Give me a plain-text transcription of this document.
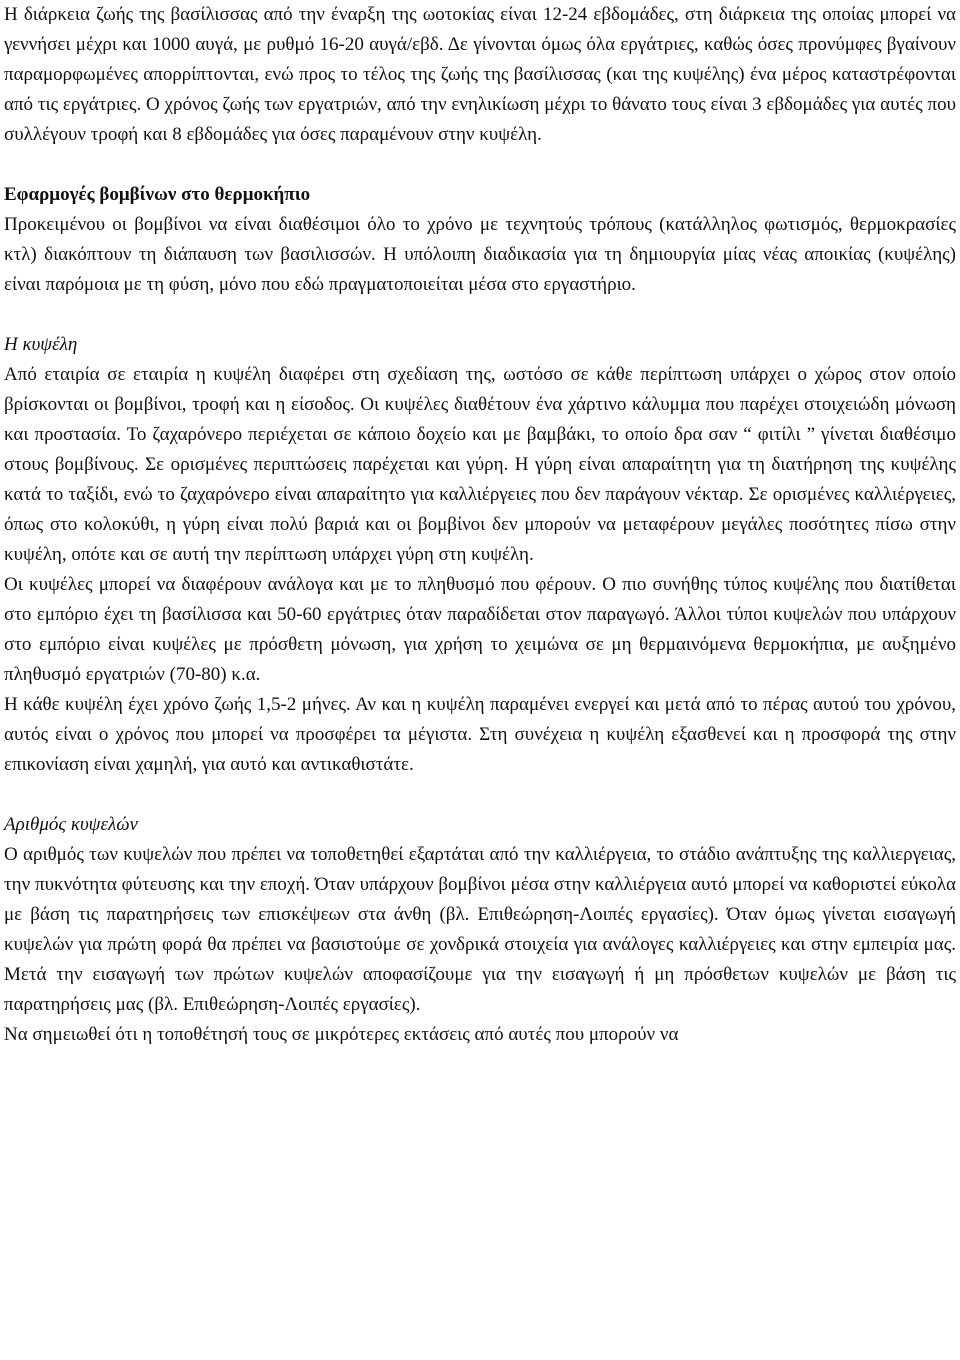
Η διάρκεια ζωής της βασίλισσας από την έναρξη της ωοτοκίας είναι 12-24 εβδομάδες, στη διάρκεια της οποίας μπορεί να γεννήσει μέχρι και 1000 αυγά, με ρυθμό 16-20 αυγά/εβδ. Δε γίνονται όμως όλα εργάτριες, καθώς όσες προνύμφες βγαίνουν παραμορφωμένες απορρίπτονται, ενώ προς το τέλος της ζωής της βασίλισσας (και της κυψέλης) ένα μέρος καταστρέφονται από τις εργάτριες. Ο χρόνος ζωής των εργατριών, από την ενηλικίωση μέχρι το θάνατο τους είναι 3 εβδομάδες για αυτές που συλλέγουν τροφή και 8 εβδομάδες για όσες παραμένουν στην κυψέλη.

Εφαρμογές βομβίνων στο θερμοκήπιο

Προκειμένου οι βομβίνοι να είναι διαθέσιμοι όλο το χρόνο με τεχνητούς τρόπους (κατάλληλος φωτισμός, θερμοκρασίες κτλ) διακόπτουν τη διάπαυση των βασιλισσών. Η υπόλοιπη διαδικασία για τη δημιουργία μίας νέας αποικίας (κυψέλης) είναι παρόμοια με τη φύση, μόνο που εδώ πραγματοποιείται μέσα στο εργαστήριο.

Η κυψέλη

Από εταιρία σε εταιρία η κυψέλη διαφέρει στη σχεδίαση της, ωστόσο σε κάθε περίπτωση υπάρχει ο χώρος στον οποίο βρίσκονται οι βομβίνοι, τροφή και η είσοδος. Οι κυψέλες διαθέτουν ένα χάρτινο κάλυμμα που παρέχει στοιχειώδη μόνωση και προστασία. Το ζαχαρόνερο περιέχεται σε κάποιο δοχείο και με βαμβάκι, το οποίο δρα σαν “ φιτίλι ” γίνεται διαθέσιμο στους βομβίνους. Σε ορισμένες περιπτώσεις παρέχεται και γύρη. Η γύρη είναι απαραίτητη για τη διατήρηση της κυψέλης κατά το ταξίδι, ενώ το ζαχαρόνερο είναι απαραίτητο για καλλιέργειες που δεν παράγουν νέκταρ. Σε ορισμένες καλλιέργειες, όπως στο κολοκύθι, η γύρη είναι πολύ βαριά και οι βομβίνοι δεν μπορούν να μεταφέρουν μεγάλες ποσότητες πίσω στην κυψέλη, οπότε και σε αυτή την περίπτωση υπάρχει γύρη στη κυψέλη.

Οι κυψέλες μπορεί να διαφέρουν ανάλογα και με το πληθυσμό που φέρουν. Ο πιο συνήθης τύπος κυψέλης που διατίθεται στο εμπόριο έχει τη βασίλισσα και 50-60 εργάτριες όταν παραδίδεται στον παραγωγό. Άλλοι τύποι κυψελών που υπάρχουν στο εμπόριο είναι κυψέλες με πρόσθετη μόνωση, για χρήση το χειμώνα σε μη θερμαινόμενα θερμοκήπια, με αυξημένο πληθυσμό εργατριών (70-80) κ.α.

Η κάθε κυψέλη έχει χρόνο ζωής 1,5-2 μήνες. Αν και η κυψέλη παραμένει ενεργεί και μετά από το πέρας αυτού του χρόνου, αυτός είναι ο χρόνος που μπορεί να προσφέρει τα μέγιστα. Στη συνέχεια η κυψέλη εξασθενεί και η προσφορά της στην επικονίαση είναι χαμηλή, για αυτό και αντικαθιστάτε.

Αριθμός κυψελών

Ο αριθμός των κυψελών που πρέπει να τοποθετηθεί εξαρτάται από την καλλιέργεια, το στάδιο ανάπτυξης της καλλιεργειας, την πυκνότητα φύτευσης και την εποχή. Όταν υπάρχουν βομβίνοι μέσα στην καλλιέργεια αυτό μπορεί να καθοριστεί εύκολα με βάση τις παρατηρήσεις των επισκέψεων στα άνθη (βλ. Επιθεώρηση-Λοιπές εργασίες). Όταν όμως γίνεται εισαγωγή κυψελών για πρώτη φορά θα πρέπει να βασιστούμε σε χονδρικά στοιχεία για ανάλογες καλλιέργειες και στην εμπειρία μας. Μετά την εισαγωγή των πρώτων κυψελών αποφασίζουμε για την εισαγωγή ή μη πρόσθετων κυψελών με βάση τις παρατηρήσεις μας (βλ. Επιθεώρηση-Λοιπές εργασίες).

Να σημειωθεί ότι η τοποθέτησή τους σε μικρότερες εκτάσεις από αυτές που μπορούν να
